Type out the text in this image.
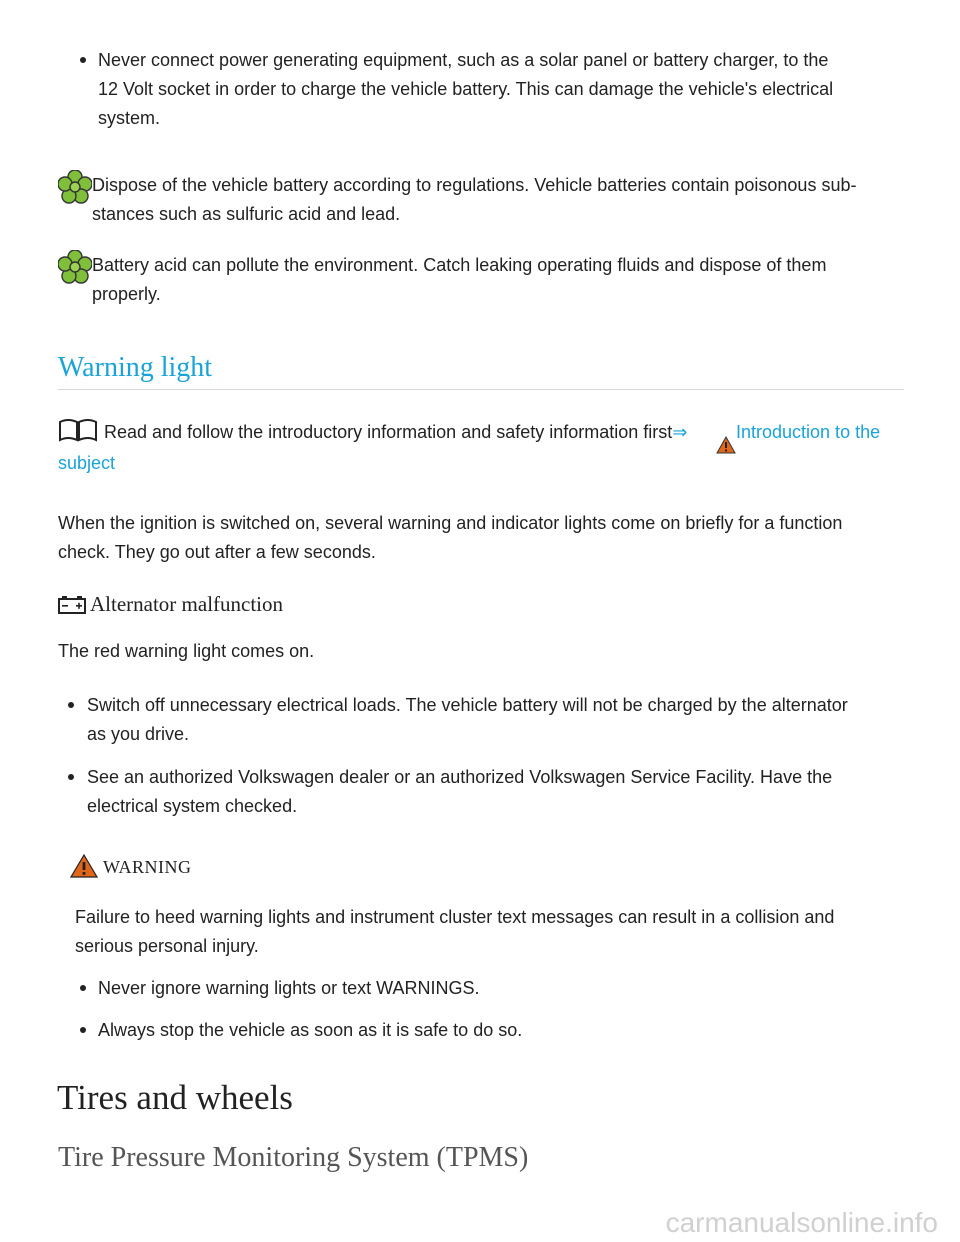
Never connect power generating equipment, such as a solar panel or battery charger, to the
12 Volt socket in order to charge the vehicle battery. This can damage the vehicle's electrical
system.
Dispose of the vehicle battery according to regulations. Vehicle batteries contain poisonous sub-
stances such as sulfuric acid and lead.
Battery acid can pollute the environment. Catch leaking operating fluids and dispose of them
properly.
Warning light
Read and follow the introductory information and safety information first⇒	Introduction to the
subject
When the ignition is switched on, several warning and indicator lights come on briefly for a function
check. They go out after a few seconds.
Alternator malfunction
The red warning light comes on.
Switch off unnecessary electrical loads. The vehicle battery will not be charged by the alternator
as you drive.
See an authorized Volkswagen dealer or an authorized Volkswagen Service Facility. Have the
electrical system checked.
WARNING
Failure to heed warning lights and instrument cluster text messages can result in a collision and
serious personal injury.
Never ignore warning lights or text WARNINGS.
Always stop the vehicle as soon as it is safe to do so.
Tires and wheels
Tire Pressure Monitoring System (TPMS)
carmanualsonline.info
